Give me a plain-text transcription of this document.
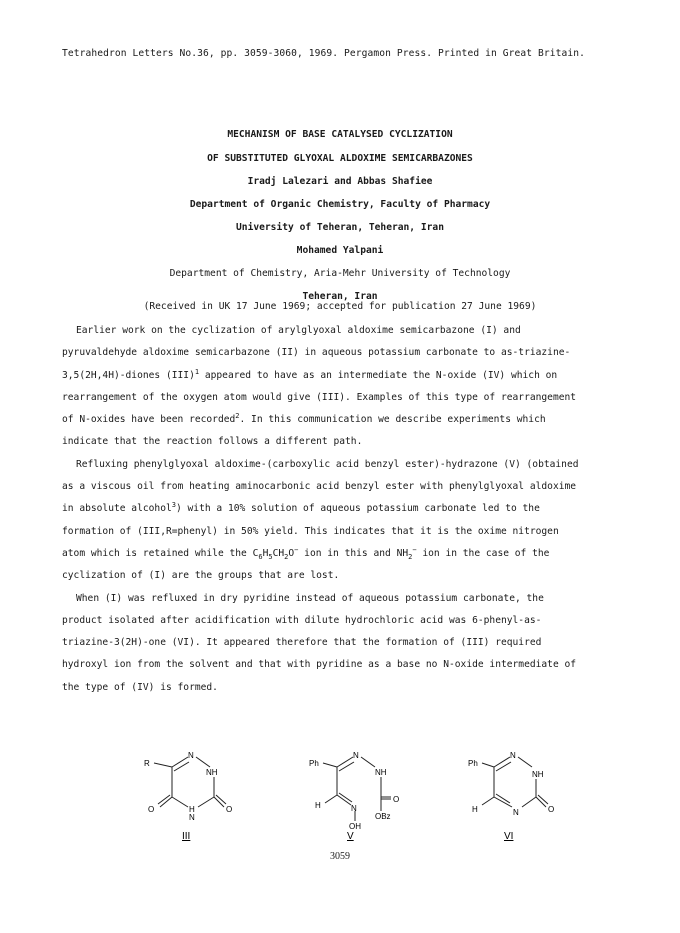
Tetrahedron Letters No.36, pp. 3059-3060, 1969. Pergamon Press. Printed in Great Britain.
MECHANISM OF BASE CATALYSED CYCLIZATION
OF SUBSTITUTED GLYOXAL ALDOXIME SEMICARBAZONES
Iradj Lalezari and Abbas Shafiee
Department of Organic Chemistry, Faculty of Pharmacy
University of Teheran, Teheran, Iran
Mohamed Yalpani
Department of Chemistry, Aria-Mehr University of Technology
Teheran, Iran
(Received in UK 17 June 1969; accepted for publication 27 June 1969)

Earlier work on the cyclization of arylglyoxal aldoxime semicarbazone (I) and
pyruvaldehyde aldoxime semicarbazone (II) in aqueous potassium carbonate to as-triazine-
3,5(2H,4H)-diones (III)$^1$ appeared to have as an intermediate the N-oxide (IV) which on
rearrangement of the oxygen atom would give (III). Examples of this type of rearrangement
of N-oxides have been recorded$^2$. In this communication we describe experiments which
indicate that the reaction follows a different path.

Refluxing phenylglyoxal aldoxime-(carboxylic acid benzyl ester)-hydrazone (V) (obtained
as a viscous oil from heating aminocarbonic acid benzyl ester with phenylglyoxal aldoxime
in absolute alcohol$^3$) with a 10% solution of aqueous potassium carbonate led to the
formation of (III,R=phenyl) in 50% yield. This indicates that it is the oxime nitrogen
atom which is retained while the $C_6H_5CH_2O^-$ ion in this and $NH_2^-$ ion in the case of the
cyclization of (I) are the groups that are lost.

When (I) was refluxed in dry pyridine instead of aqueous potassium carbonate, the
product isolated after acidification with dilute hydrochloric acid was 6-phenyl-as-
triazine-3(2H)-one (VI). It appeared therefore that the formation of (III) required
hydroxyl ion from the solvent and that with pyridine as a base no N-oxide intermediate of
the type of (IV) is formed.

R
N
NH
O
H
N
O
III
Ph
N
NH
O
OBz
H	N
OH
V
Ph
N
NH
O
H	N
VI
3059
